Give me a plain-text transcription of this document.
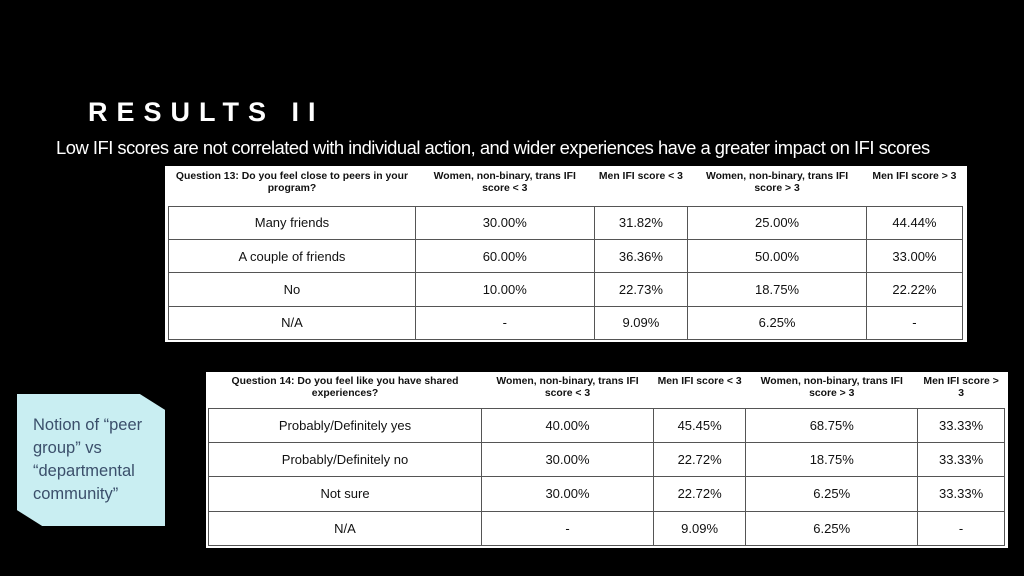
RESULTS II

Low IFI scores are not correlated with individual action, and wider experiences have a greater impact on IFI scores

Question 13: Do you feel close to peers in your program?	Women, non-binary, trans IFI score < 3	Men IFI score < 3	Women, non-binary, trans IFI score > 3	Men IFI score > 3
Many friends	30.00%	31.82%	25.00%	44.44%
A couple of friends	60.00%	36.36%	50.00%	33.00%
No	10.00%	22.73%	18.75%	22.22%
N/A	-	9.09%	6.25%	-

Notion of “peer group” vs “departmental community”

Question 14: Do you feel like you have shared experiences?	Women, non-binary, trans IFI score < 3	Men IFI score < 3	Women, non-binary, trans IFI score > 3	Men IFI score > 3
Probably/Definitely yes	40.00%	45.45%	68.75%	33.33%
Probably/Definitely no	30.00%	22.72%	18.75%	33.33%
Not sure	30.00%	22.72%	6.25%	33.33%
N/A	-	9.09%	6.25%	-
